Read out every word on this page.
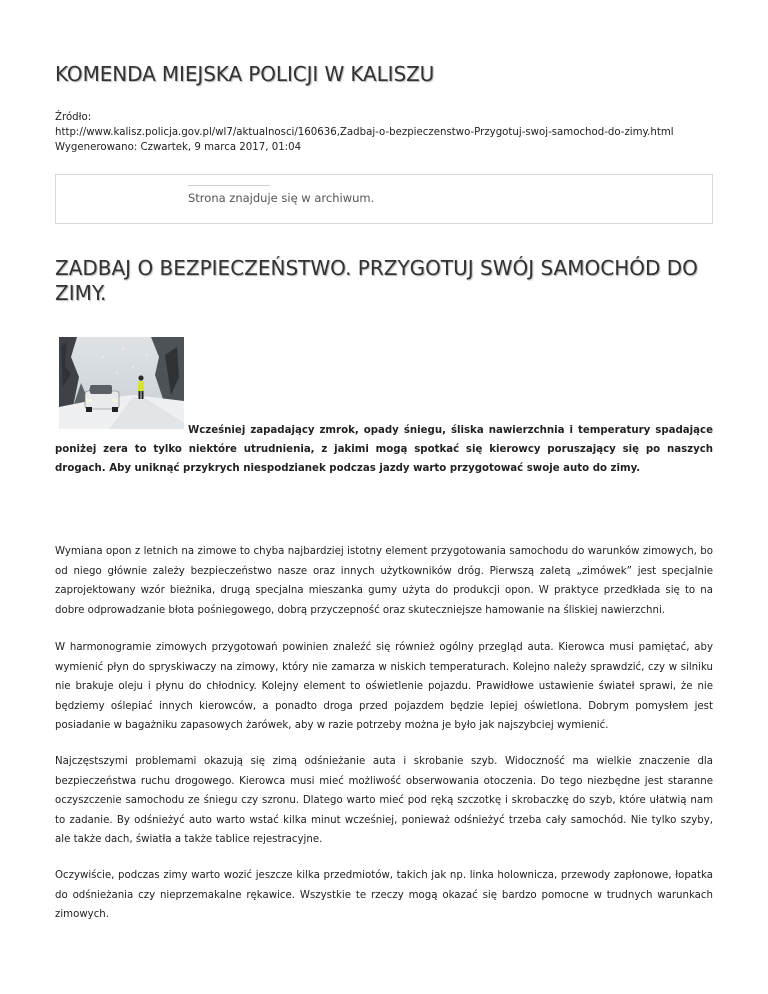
KOMENDA MIEJSKA POLICJI W KALISZU
Źródło:
http://www.kalisz.policja.gov.pl/wl7/aktualnosci/160636,Zadbaj-o-bezpieczenstwo-Przygotuj-swoj-samochod-do-zimy.html
Wygenerowano: Czwartek, 9 marca 2017, 01:04
Strona znajduje się w archiwum.
ZADBAJ O BEZPIECZEŃSTWO. PRZYGOTUJ SWÓJ SAMOCHÓD DO ZIMY.

Wcześniej zapadający zmrok, opady śniegu, śliska nawierzchnia i temperatury spadające poniżej zera to tylko niektóre utrudnienia, z jakimi mogą spotkać się kierowcy poruszający się po naszych drogach. Aby uniknąć przykrych niespodzianek podczas jazdy warto przygotować swoje auto do zimy.

Wymiana opon z letnich na zimowe to chyba najbardziej istotny element przygotowania samochodu do warunków zimowych, bo od niego głównie zależy bezpieczeństwo nasze oraz innych użytkowników dróg. Pierwszą zaletą „zimówek” jest specjalnie zaprojektowany wzór bieżnika, drugą specjalna mieszanka gumy użyta do produkcji opon. W praktyce przedkłada się to na dobre odprowadzanie błota pośniegowego, dobrą przyczepność oraz skuteczniejsze hamowanie na śliskiej nawierzchni.

W harmonogramie zimowych przygotowań powinien znaleźć się również ogólny przegląd auta. Kierowca musi pamiętać, aby wymienić płyn do spryskiwaczy na zimowy, który nie zamarza w niskich temperaturach. Kolejno należy sprawdzić, czy w silniku nie brakuje oleju i płynu do chłodnicy. Kolejny element to oświetlenie pojazdu. Prawidłowe ustawienie świateł sprawi, że nie będziemy oślepiać innych kierowców, a ponadto droga przed pojazdem będzie lepiej oświetlona. Dobrym pomysłem jest posiadanie w bagażniku zapasowych żarówek, aby w razie potrzeby można je było jak najszybciej wymienić.

Najczęstszymi problemami okazują się zimą odśnieżanie auta i skrobanie szyb. Widoczność ma wielkie znaczenie dla bezpieczeństwa ruchu drogowego. Kierowca musi mieć możliwość obserwowania otoczenia. Do tego niezbędne jest staranne oczyszczenie samochodu ze śniegu czy szronu. Dlatego warto mieć pod ręką szczotkę i skrobaczkę do szyb, które ułatwią nam to zadanie. By odśnieżyć auto warto wstać kilka minut wcześniej, ponieważ odśnieżyć trzeba cały samochód. Nie tylko szyby, ale także dach, światła a także tablice rejestracyjne.

Oczywiście, podczas zimy warto wozić jeszcze kilka przedmiotów, takich jak np. linka holownicza, przewody zapłonowe, łopatka do odśnieżania czy nieprzemakalne rękawice. Wszystkie te rzeczy mogą okazać się bardzo pomocne w trudnych warunkach zimowych.
